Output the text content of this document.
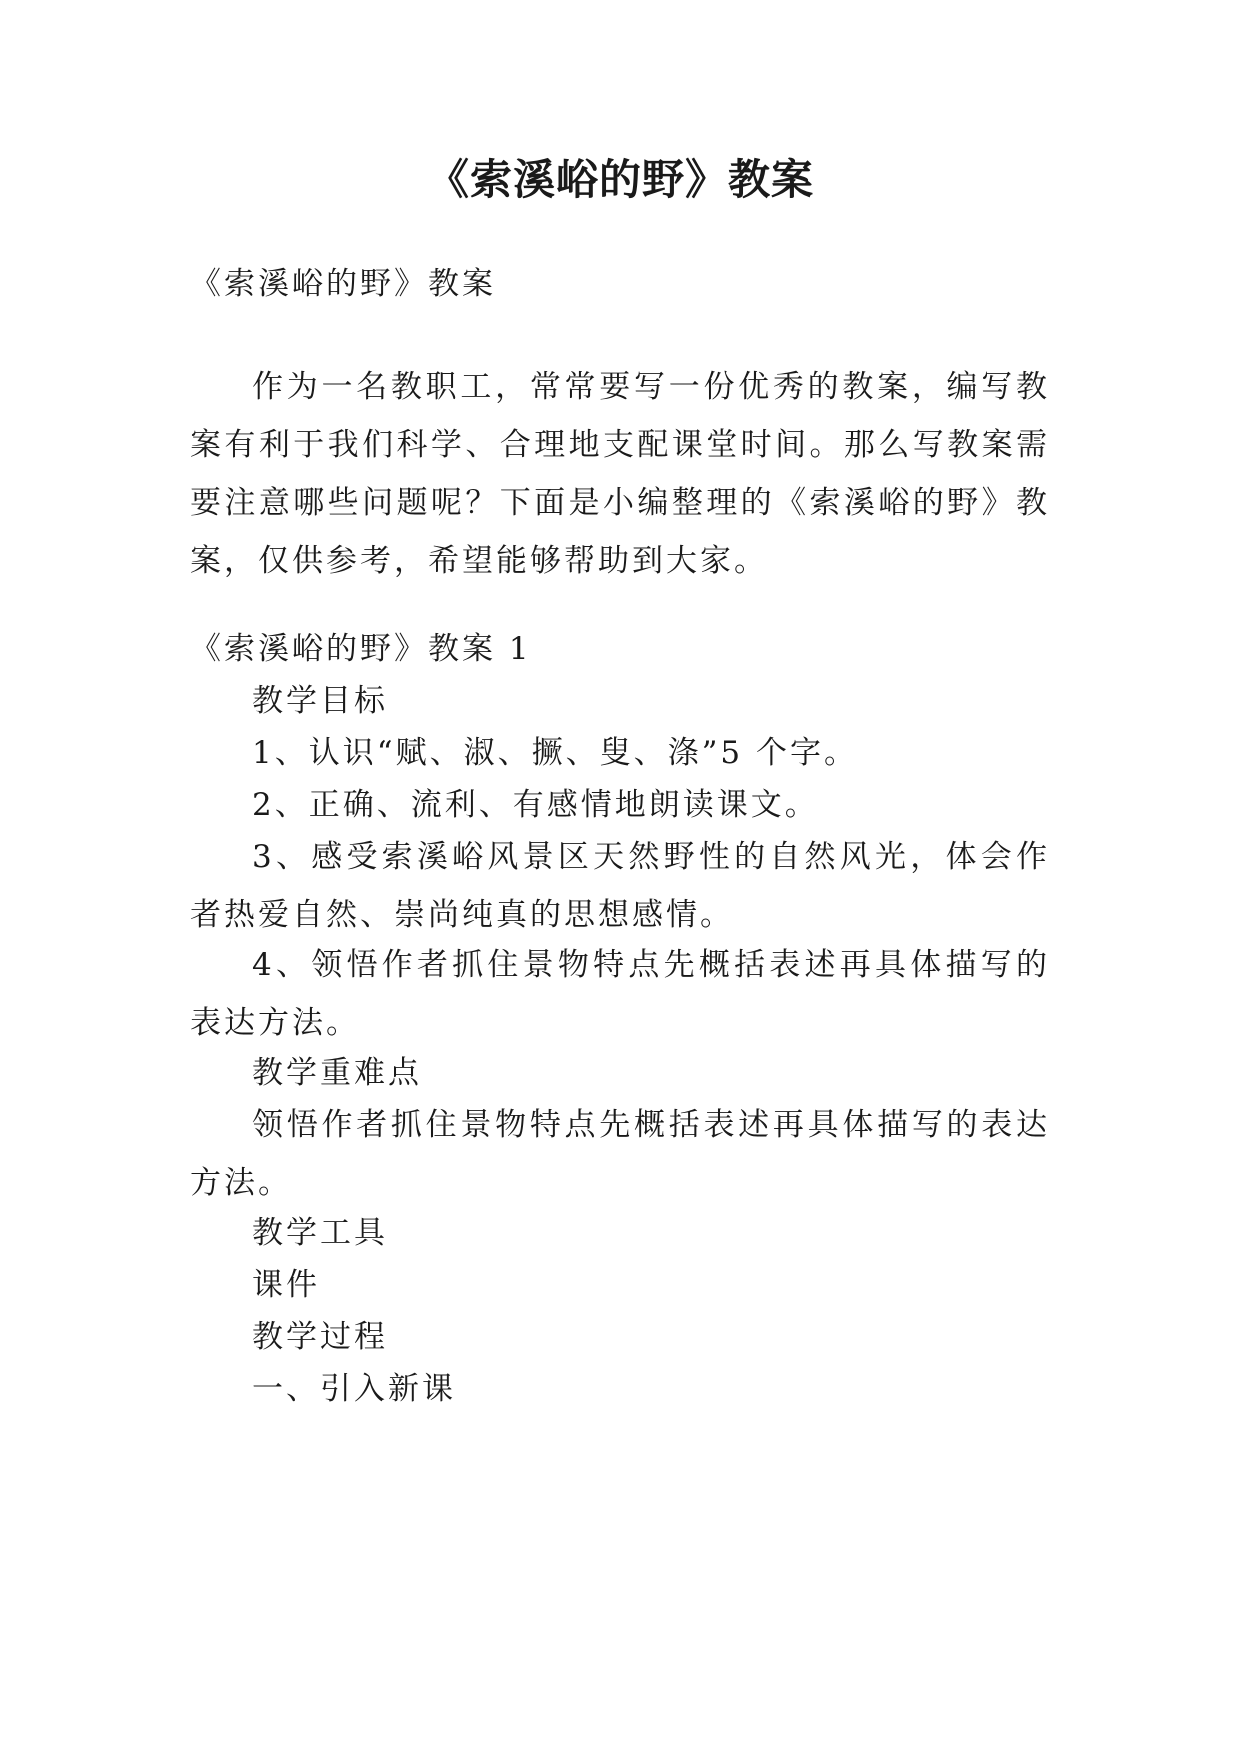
《索溪峪的野》教案

《索溪峪的野》教案

作为一名教职工，常常要写一份优秀的教案，编写教案有利于我们科学、合理地支配课堂时间。那么写教案需要注意哪些问题呢？下面是小编整理的《索溪峪的野》教案，仅供参考，希望能够帮助到大家。

《索溪峪的野》教案 1

教学目标

1、认识“赋、淑、撅、叟、涤”5 个字。

2、正确、流利、有感情地朗读课文。

3、感受索溪峪风景区天然野性的自然风光，体会作者热爱自然、崇尚纯真的思想感情。

4、领悟作者抓住景物特点先概括表述再具体描写的表达方法。

教学重难点

领悟作者抓住景物特点先概括表述再具体描写的表达方法。

教学工具

课件

教学过程

一、引入新课
